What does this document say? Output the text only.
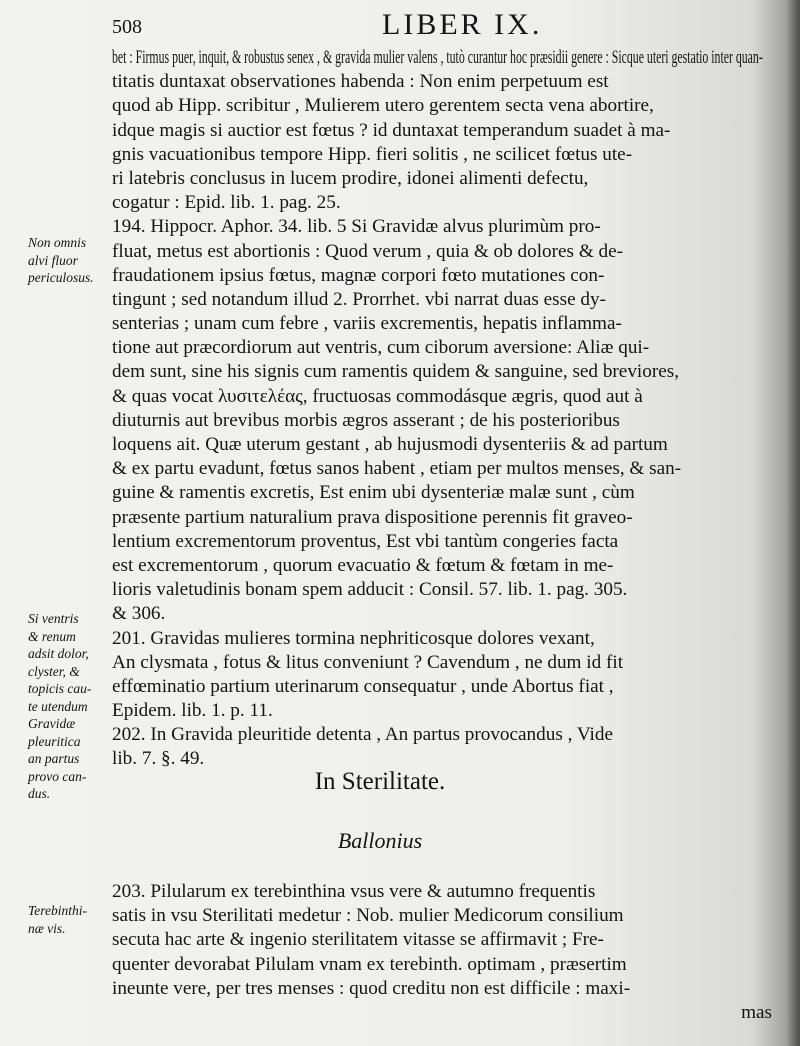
508	LIBER IX.
bet : Firmus puer, inquit, & robustus senex , & gravida mulier valens , tutò curantur hoc præsidii genere : Sicque uteri gestatio inter quan-
titatis duntaxat observationes habenda : Non enim perpetuum est
quod ab Hipp. scribitur , Mulierem utero gerentem secta vena abortire,
idque magis si auctior est fœtus ? id duntaxat temperandum suadet à ma-
gnis vacuationibus tempore Hipp. fieri solitis , ne scilicet fœtus ute-
ri latebris conclusus in lucem prodire, idonei alimenti defectu,
cogatur : Epid. lib. 1. pag. 25.
194. Hippocr. Aphor. 34. lib. 5 Si Gravidæ alvus plurimùm pro-
fluat, metus est abortionis : Quod verum , quia & ob dolores & de-
fraudationem ipsius fœtus, magnæ corpori fœto mutationes con-
tingunt ; sed notandum illud 2. Prorrhet. vbi narrat duas esse dy-
senterias ; unam cum febre , variis excrementis, hepatis inflamma-
tione aut præcordiorum aut ventris, cum ciborum aversione: Aliæ qui-
dem sunt, sine his signis cum ramentis quidem & sanguine, sed breviores,
& quas vocat λυσιτελέας, fructuosas commodásque ægris, quod aut à
diuturnis aut brevibus morbis ægros asserant ; de his posterioribus
loquens ait. Quæ uterum gestant , ab hujusmodi dysenteriis & ad partum
& ex partu evadunt, fœtus sanos habent , etiam per multos menses, & san-
guine & ramentis excretis, Est enim ubi dysenteriæ malæ sunt , cùm
præsente partium naturalium prava dispositione perennis fit graveo-
lentium excrementorum proventus, Est vbi tantùm congeries facta
est excrementorum , quorum evacuatio & fœtum & fœtam in me-
lioris valetudinis bonam spem adducit : Consil. 57. lib. 1. pag. 305.
& 306.
201. Gravidas mulieres tormina nephriticosque dolores vexant,
An clysmata , fotus & litus conveniunt ? Cavendum , ne dum id fit
effœminatio partium uterinarum consequatur , unde Abortus fiat ,
Epidem. lib. 1. p. 11.
202. In Gravida pleuritide detenta , An partus provocandus , Vide
lib. 7. §. 49.
In Sterilitate.
Ballonius
203. Pilularum ex terebinthina vsus vere & autumno frequentis
satis in vsu Sterilitati medetur : Nob. mulier Medicorum consilium
secuta hac arte & ingenio sterilitatem vitasse se affirmavit ; Fre-
quenter devorabat Pilulam vnam ex terebinth. optimam , præsertim
ineunte vere, per tres menses : quod creditu non est difficile : maxi-
mas
Non omnis
alvi fluor
periculosus.
Si ventris
& renum
adsit dolor,
clyster, &
topicis cau-
te utendum
Gravidæ
pleuritica
an partus
provo can-
dus.
Terebinthi-
næ vis.
